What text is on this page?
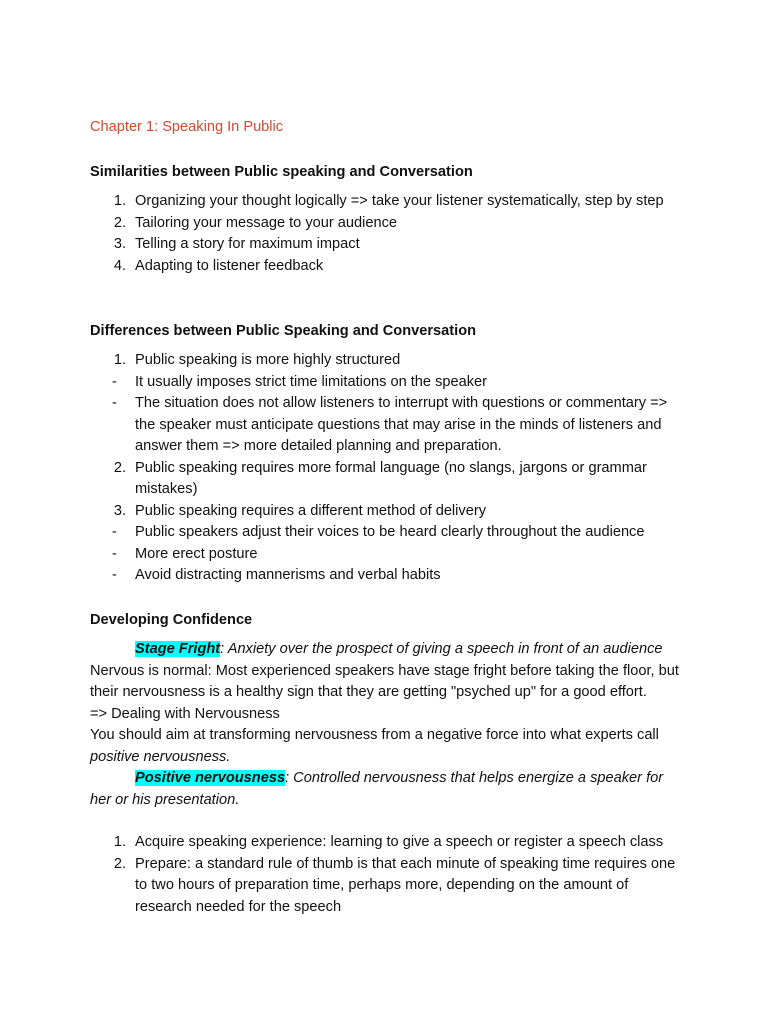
Chapter 1: Speaking In Public
Similarities between Public speaking and Conversation
1. Organizing your thought logically => take your listener systematically, step by step
2. Tailoring your message to your audience
3. Telling a story for maximum impact
4. Adapting to listener feedback
Differences between Public Speaking and Conversation
1. Public speaking is more highly structured
- It usually imposes strict time limitations on the speaker
- The situation does not allow listeners to interrupt with questions or commentary => the speaker must anticipate questions that may arise in the minds of listeners and answer them => more detailed planning and preparation.
2. Public speaking requires more formal language (no slangs, jargons or grammar mistakes)
3. Public speaking requires a different method of delivery
- Public speakers adjust their voices to be heard clearly throughout the audience
- More erect posture
- Avoid distracting mannerisms and verbal habits
Developing Confidence
Stage Fright: Anxiety over the prospect of giving a speech in front of an audience
Nervous is normal: Most experienced speakers have stage fright before taking the floor, but their nervousness is a healthy sign that they are getting "psyched up" for a good effort.
=> Dealing with Nervousness
You should aim at transforming nervousness from a negative force into what experts call positive nervousness.
Positive nervousness: Controlled nervousness that helps energize a speaker for her or his presentation.
1. Acquire speaking experience: learning to give a speech or register a speech class
2. Prepare: a standard rule of thumb is that each minute of speaking time requires one to two hours of preparation time, perhaps more, depending on the amount of research needed for the speech
